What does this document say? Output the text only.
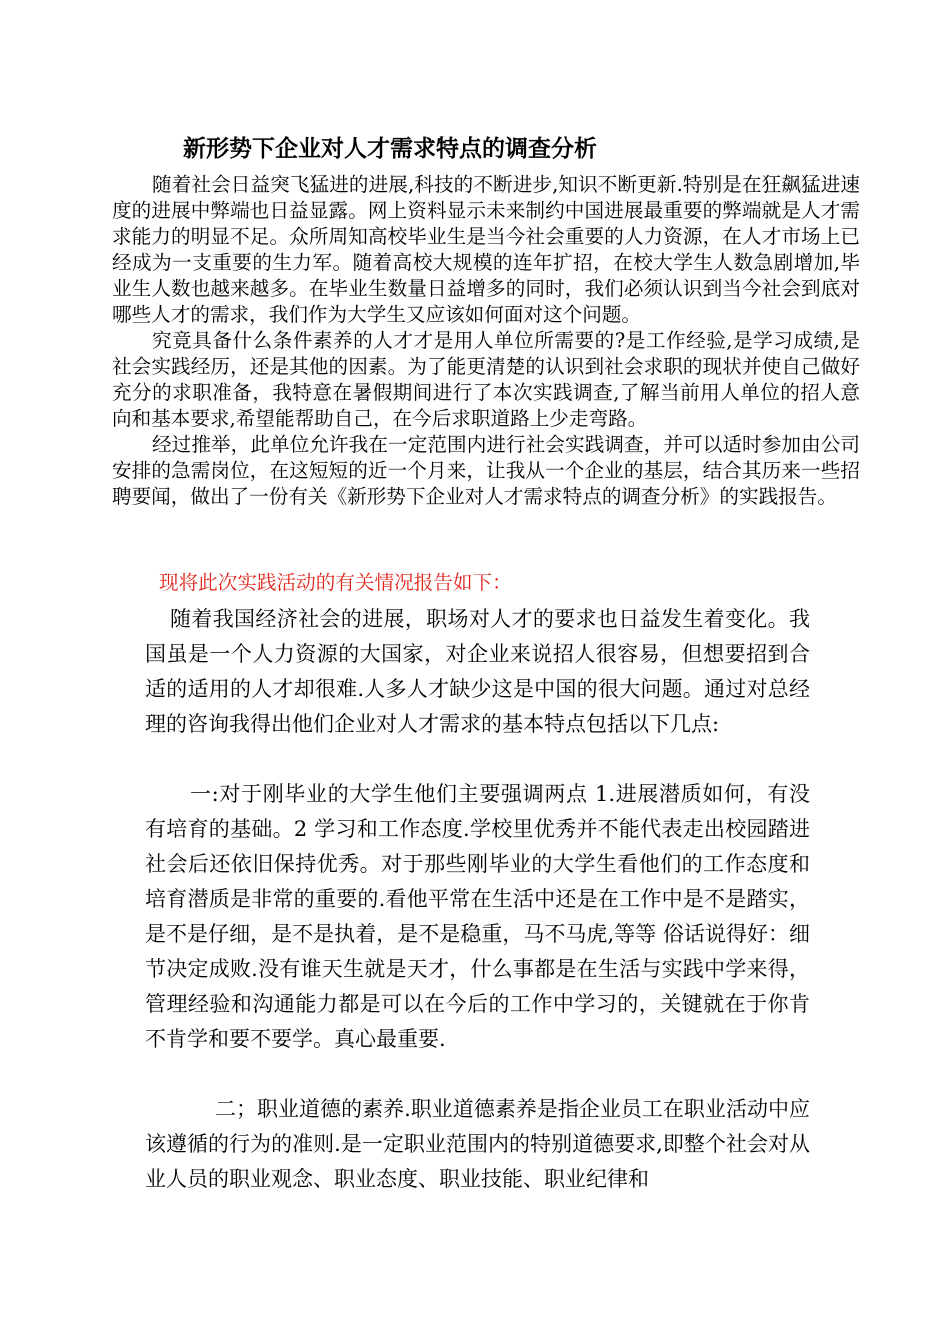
新形势下企业对人才需求特点的调查分析

随着社会日益突飞猛进的进展,科技的不断进步,知识不断更新.特别是在狂飙猛进速度的进展中弊端也日益显露。网上资料显示未来制约中国进展最重要的弊端就是人才需求能力的明显不足。众所周知高校毕业生是当今社会重要的人力资源，在人才市场上已经成为一支重要的生力军。随着高校大规模的连年扩招，在校大学生人数急剧增加,毕业生人数也越来越多。在毕业生数量日益增多的同时，我们必须认识到当今社会到底对哪些人才的需求，我们作为大学生又应该如何面对这个问题。

究竟具备什么条件素养的人才才是用人单位所需要的?是工作经验,是学习成绩,是社会实践经历，还是其他的因素。为了能更清楚的认识到社会求职的现状并使自己做好充分的求职准备，我特意在暑假期间进行了本次实践调查,了解当前用人单位的招人意向和基本要求,希望能帮助自己，在今后求职道路上少走弯路。

经过推举，此单位允许我在一定范围内进行社会实践调查，并可以适时参加由公司安排的急需岗位，在这短短的近一个月来，让我从一个企业的基层，结合其历来一些招聘要闻，做出了一份有关《新形势下企业对人才需求特点的调查分析》的实践报告。

现将此次实践活动的有关情况报告如下：

随着我国经济社会的进展，职场对人才的要求也日益发生着变化。我国虽是一个人力资源的大国家，对企业来说招人很容易，但想要招到合适的适用的人才却很难.人多人才缺少这是中国的很大问题。通过对总经理的咨询我得出他们企业对人才需求的基本特点包括以下几点:

一:对于刚毕业的大学生他们主要强调两点 1.进展潜质如何，有没有培育的基础。2 学习和工作态度.学校里优秀并不能代表走出校园踏进社会后还依旧保持优秀。对于那些刚毕业的大学生看他们的工作态度和培育潜质是非常的重要的.看他平常在生活中还是在工作中是不是踏实，是不是仔细，是不是执着，是不是稳重，马不马虎,等等 俗话说得好：细节决定成败.没有谁天生就是天才，什么事都是在生活与实践中学来得，管理经验和沟通能力都是可以在今后的工作中学习的，关键就在于你肯不肯学和要不要学。真心最重要.

二；职业道德的素养.职业道德素养是指企业员工在职业活动中应该遵循的行为的准则.是一定职业范围内的特别道德要求,即整个社会对从业人员的职业观念、职业态度、职业技能、职业纪律和
